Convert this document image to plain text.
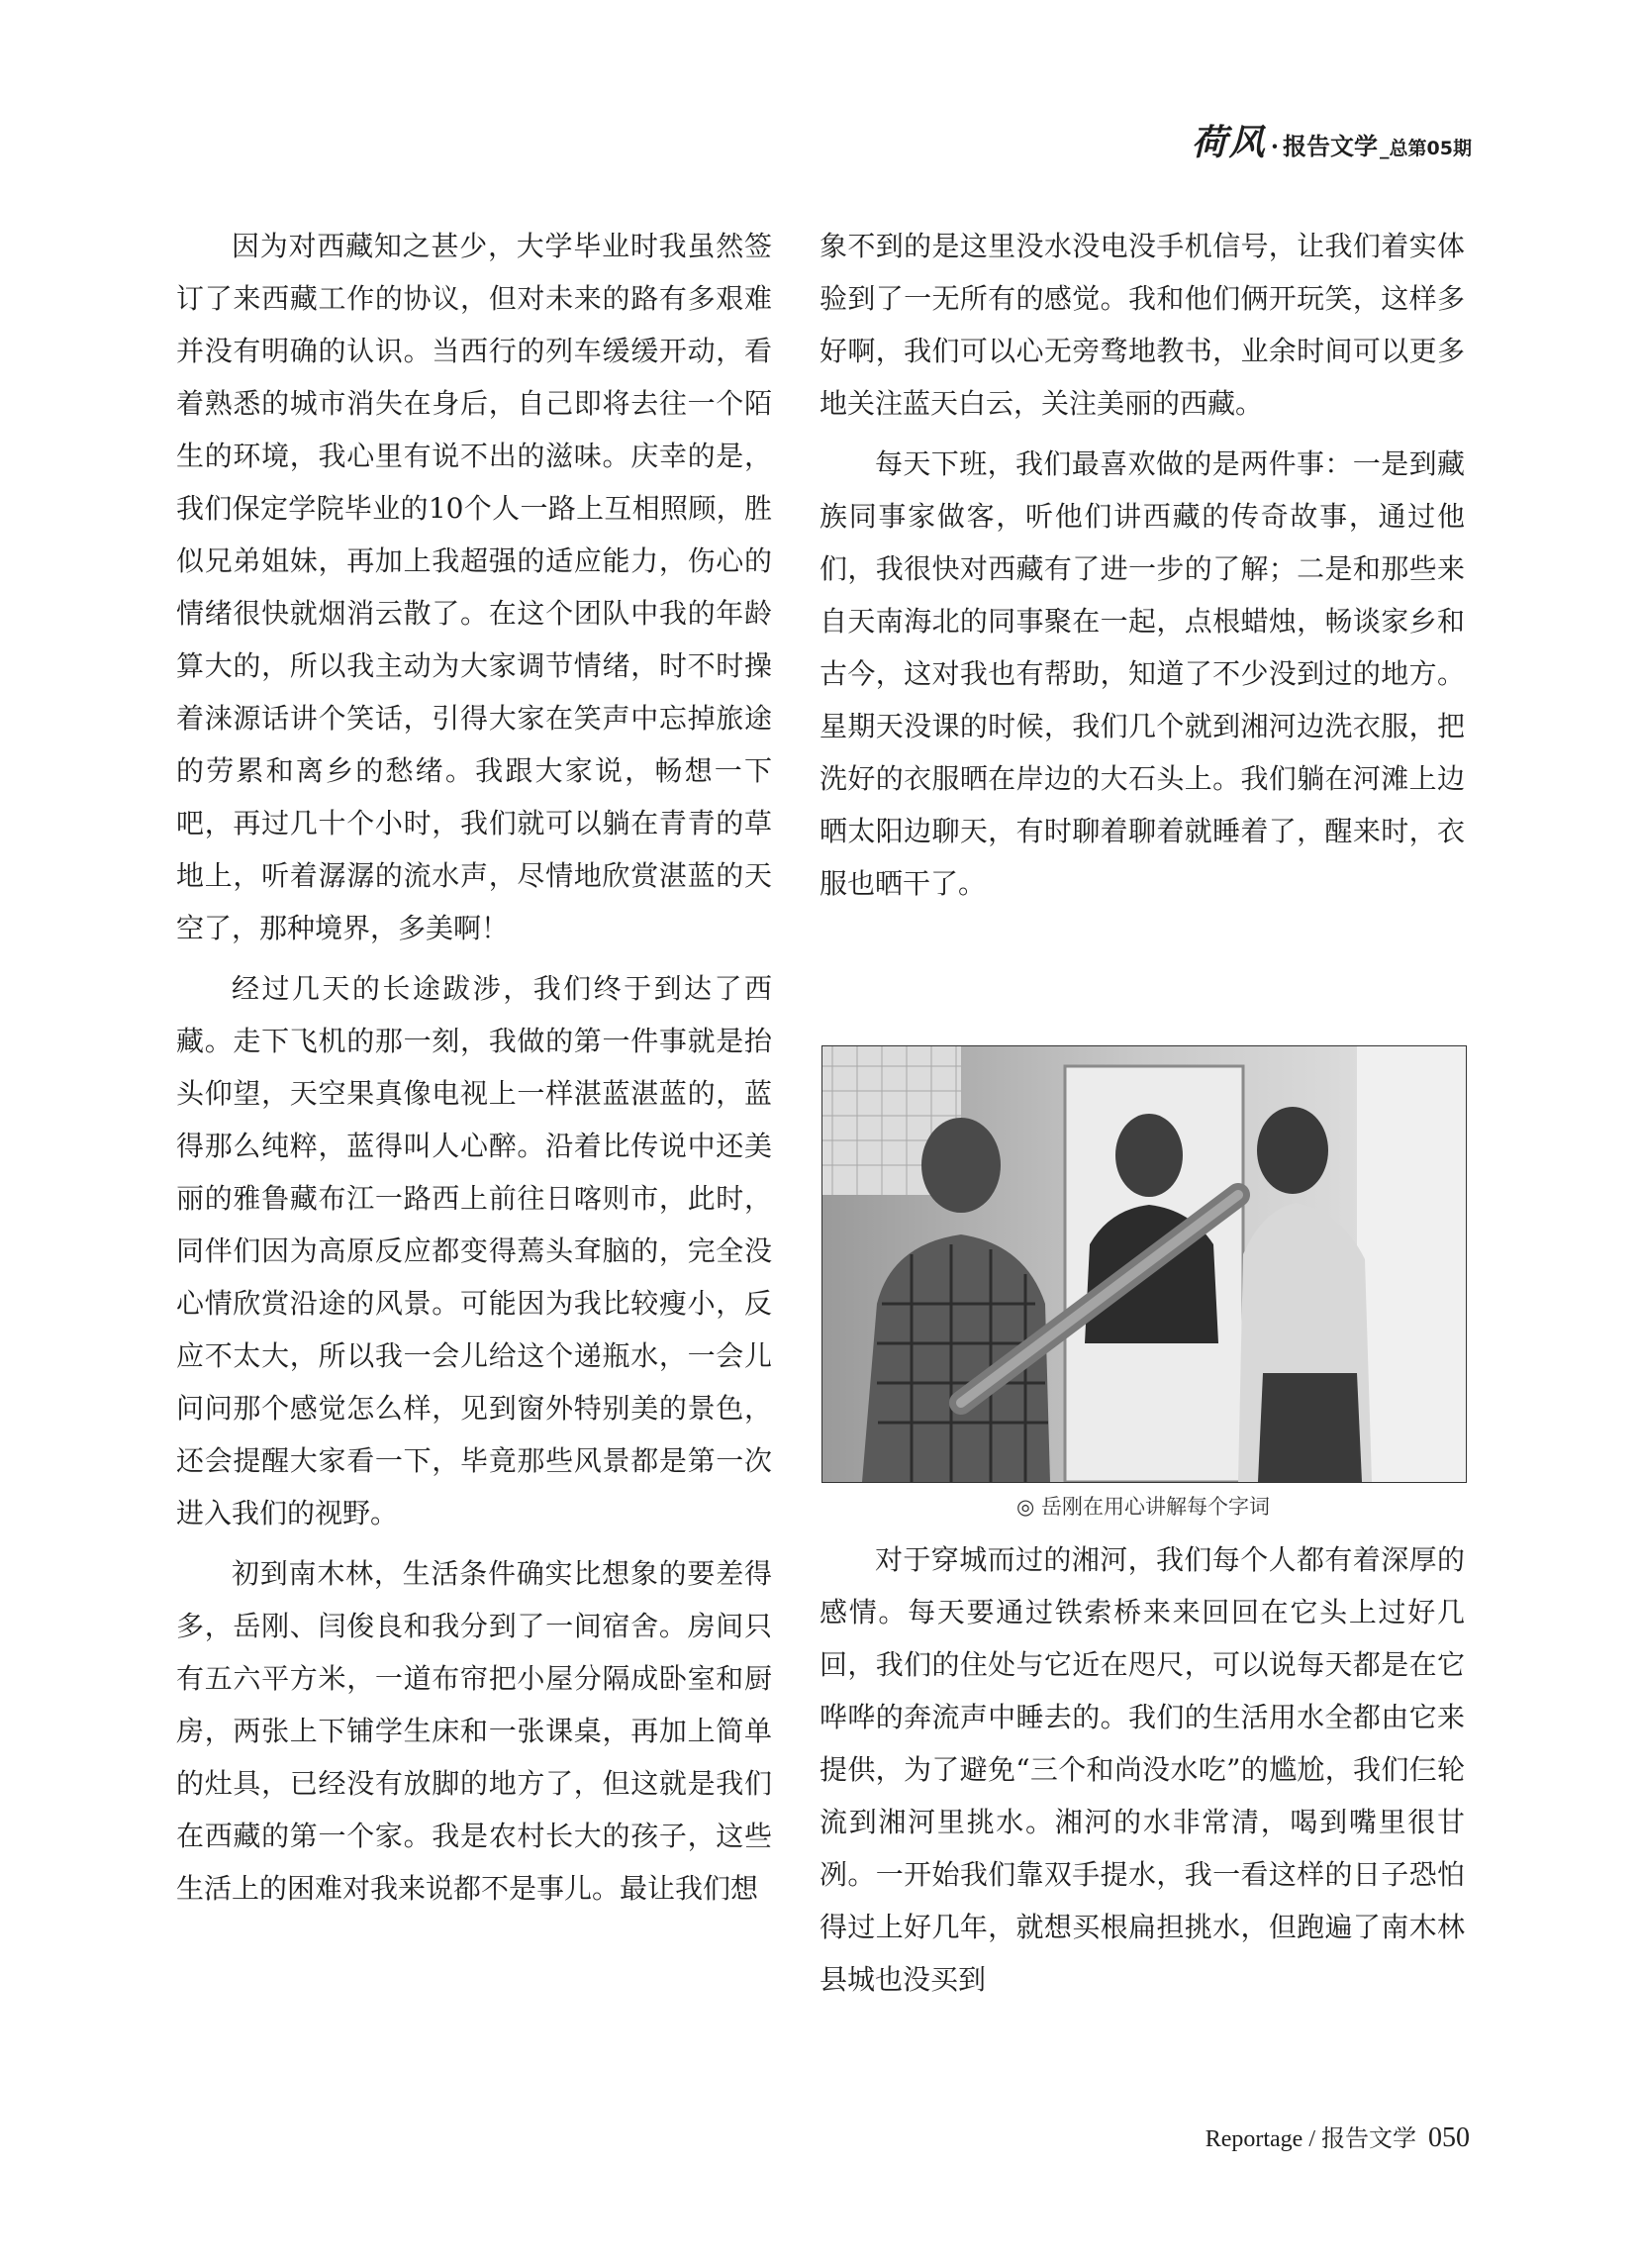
荷风 · 报告文学 _总第05期

因为对西藏知之甚少，大学毕业时我虽然签订了来西藏工作的协议，但对未来的路有多艰难并没有明确的认识。当西行的列车缓缓开动，看着熟悉的城市消失在身后，自己即将去往一个陌生的环境，我心里有说不出的滋味。庆幸的是，我们保定学院毕业的10个人一路上互相照顾，胜似兄弟姐妹，再加上我超强的适应能力，伤心的情绪很快就烟消云散了。在这个团队中我的年龄算大的，所以我主动为大家调节情绪，时不时操着涞源话讲个笑话，引得大家在笑声中忘掉旅途的劳累和离乡的愁绪。我跟大家说，畅想一下吧，再过几十个小时，我们就可以躺在青青的草地上，听着潺潺的流水声，尽情地欣赏湛蓝的天空了，那种境界，多美啊！

经过几天的长途跋涉，我们终于到达了西藏。走下飞机的那一刻，我做的第一件事就是抬头仰望，天空果真像电视上一样湛蓝湛蓝的，蓝得那么纯粹，蓝得叫人心醉。沿着比传说中还美丽的雅鲁藏布江一路西上前往日喀则市，此时，同伴们因为高原反应都变得蔫头耷脑的，完全没心情欣赏沿途的风景。可能因为我比较瘦小，反应不太大，所以我一会儿给这个递瓶水，一会儿问问那个感觉怎么样，见到窗外特别美的景色，还会提醒大家看一下，毕竟那些风景都是第一次进入我们的视野。

初到南木林，生活条件确实比想象的要差得多，岳刚、闫俊良和我分到了一间宿舍。房间只有五六平方米，一道布帘把小屋分隔成卧室和厨房，两张上下铺学生床和一张课桌，再加上简单的灶具，已经没有放脚的地方了，但这就是我们在西藏的第一个家。我是农村长大的孩子，这些生活上的困难对我来说都不是事儿。最让我们想

象不到的是这里没水没电没手机信号，让我们着实体验到了一无所有的感觉。我和他们俩开玩笑，这样多好啊，我们可以心无旁骛地教书，业余时间可以更多地关注蓝天白云，关注美丽的西藏。

每天下班，我们最喜欢做的是两件事：一是到藏族同事家做客，听他们讲西藏的传奇故事，通过他们，我很快对西藏有了进一步的了解；二是和那些来自天南海北的同事聚在一起，点根蜡烛，畅谈家乡和古今，这对我也有帮助，知道了不少没到过的地方。星期天没课的时候，我们几个就到湘河边洗衣服，把洗好的衣服晒在岸边的大石头上。我们躺在河滩上边晒太阳边聊天，有时聊着聊着就睡着了，醒来时，衣服也晒干了。

◎ 岳刚在用心讲解每个字词

对于穿城而过的湘河，我们每个人都有着深厚的感情。每天要通过铁索桥来来回回在它头上过好几回，我们的住处与它近在咫尺，可以说每天都是在它哗哗的奔流声中睡去的。我们的生活用水全都由它来提供，为了避免“三个和尚没水吃”的尴尬，我们仨轮流到湘河里挑水。湘河的水非常清，喝到嘴里很甘冽。一开始我们靠双手提水，我一看这样的日子恐怕得过上好几年，就想买根扁担挑水，但跑遍了南木林县城也没买到

Reportage / 报告文学 050
